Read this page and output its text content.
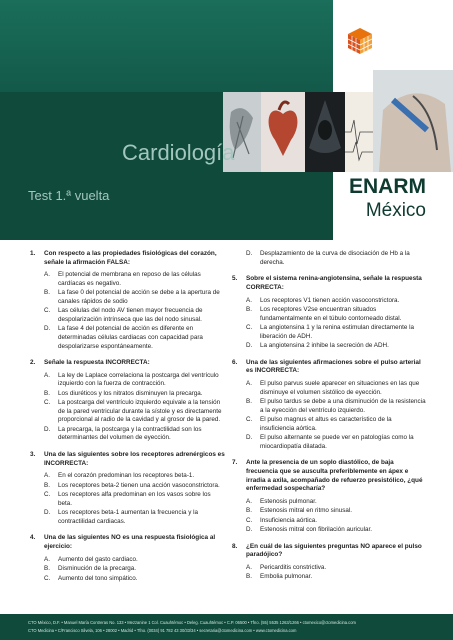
Cardiología
Test 1.ª vuelta	ENARM
México
1. Con respecto a las propiedades fisiológicas del corazón, señale la afirmación FALSA:
A. El potencial de membrana en reposo de las células cardíacas es negativo.
B. La fase 0 del potencial de acción se debe a la apertura de canales rápidos de sodio
C. Las células del nodo AV tienen mayor frecuencia de despolarización intrínseca que las del nodo sinusal.
D. La fase 4 del potencial de acción es diferente en determinadas células cardiacas con capacidad para despolarizarse espontáneamente.
2. Señale la respuesta INCORRECTA:
A. La ley de Laplace correlaciona la postcarga del ventrículo izquierdo con la fuerza de contracción.
B. Los diuréticos y los nitratos disminuyen la precarga.
C. La postcarga del ventrículo izquierdo equivale a la tensión de la pared ventricular durante la sístole y es directamente proporcional al radio de la cavidad y al grosor de la pared.
D. La precarga, la postcarga y la contractilidad son los determinantes del volumen de eyección.
3. Una de las siguientes sobre los receptores adrenérgicos es INCORRECTA:
A. En el corazón predominan los receptores beta-1.
B. Los receptores beta-2 tienen una acción vasoconstrictora.
C. Los receptores alfa predominan en los vasos sobre los beta.
D. Los receptores beta-1 aumentan la frecuencia y la contractilidad cardiacas.
4. Una de las siguientes NO es una respuesta fisiológica al ejercicio:
A. Aumento del gasto cardiaco.
B. Disminución de la precarga.
C. Aumento del tono simpático.
D. Desplazamiento de la curva de disociación de Hb a la derecha.
5. Sobre el sistema renina-angiotensina, señale la respuesta CORRECTA:
A. Los receptores V1 tienen acción vasoconstrictora.
B. Los receptores V2se encuentran situados fundamentalmente en el túbulo contorneado distal.
C. La angiotensina 1 y la renina estimulan directamente la liberación de ADH.
D. La angiotensina 2 inhibe la secreción de ADH.
6. Una de las siguientes afirmaciones sobre el pulso arterial es INCORRECTA:
A. El pulso parvus suele aparecer en situaciones en las que disminuye el volumen sistólico de eyección.
B. El pulso tardus se debe a una disminución de la resistencia a la eyección del ventrículo izquierdo.
C. El pulso magnus et altus es característico de la insuficiencia aórtica.
D. El pulso alternante se puede ver en patologías como la miocardiopatía dilatada.
7. Ante la presencia de un soplo diastólico, de baja frecuencia que se ausculta preferiblemente en ápex e irradia a axila, acompañado de refuerzo presistólico, ¿qué enfermedad sospecharía?
A. Estenosis pulmonar.
B. Estenosis mitral en ritmo sinusal.
C. Insuficiencia aórtica.
D. Estenosis mitral con fibrilación auricular.
8. ¿En cuál de las siguientes preguntas NO aparece el pulso paradójico?
A. Pericarditis constrictiva.
B. Embolia pulmonar.
CTO México, D.F. • Manuel María Contreras No. 133 • Mezzanine 1 Col. Cuauhtémoc • Deleg. Cuauhtémoc • C.P. 06500 • Tfno. (55) 5535 1263/1266 • ctomexico@ctomedicina.com
CTO Medicina • C/Francisco Silvela, 106 • 28002 • Madrid • Tfno. (0034) 91 782 43 30/33/34 • secretaria@ctomedicina.com • www.ctomedicina.com
